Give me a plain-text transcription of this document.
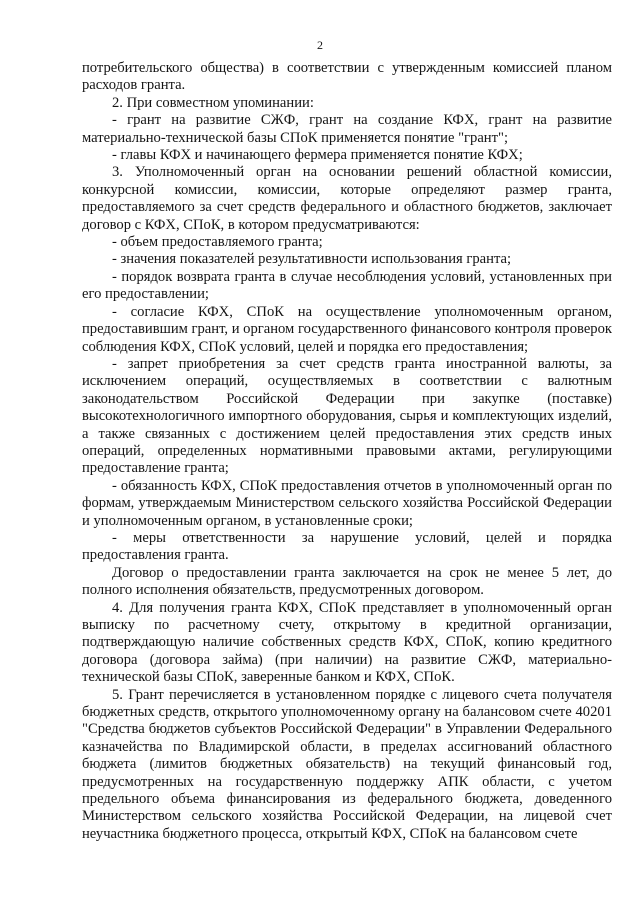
2

потребительского общества) в соответствии с утвержденным комиссией планом расходов гранта.

2. При совместном упоминании:

- грант на развитие СЖФ, грант на создание КФХ, грант на развитие материально-технической базы СПоК применяется понятие "грант";

- главы КФХ и начинающего фермера применяется понятие КФХ;

3. Уполномоченный орган на основании решений областной комиссии, конкурсной комиссии, комиссии, которые определяют размер гранта, предоставляемого за счет средств федерального и областного бюджетов, заключает договор с КФХ, СПоК, в котором предусматриваются:

- объем предоставляемого гранта;

- значения показателей результативности использования гранта;

- порядок возврата гранта в случае несоблюдения условий, установленных при его предоставлении;

- согласие КФХ, СПоК на осуществление уполномоченным органом, предоставившим грант, и органом государственного финансового контроля проверок соблюдения КФХ, СПоК условий, целей и порядка его предоставления;

- запрет приобретения за счет средств гранта иностранной валюты, за исключением операций, осуществляемых в соответствии с валютным законодательством Российской Федерации при закупке (поставке) высокотехнологичного импортного оборудования, сырья и комплектующих изделий, а также связанных с достижением целей предоставления этих средств иных операций, определенных нормативными правовыми актами, регулирующими предоставление гранта;

- обязанность КФХ, СПоК предоставления отчетов в уполномоченный орган по формам, утверждаемым Министерством сельского хозяйства Российской Федерации и уполномоченным органом, в установленные сроки;

- меры ответственности за нарушение условий, целей и порядка предоставления гранта.

Договор о предоставлении гранта заключается на срок не менее 5 лет, до полного исполнения обязательств, предусмотренных договором.

4. Для получения гранта КФХ, СПоК представляет в уполномоченный орган выписку по расчетному счету, открытому в кредитной организации, подтверждающую наличие собственных средств КФХ, СПоК, копию кредитного договора (договора займа) (при наличии) на развитие СЖФ, материально-технической базы СПоК, заверенные банком и КФХ, СПоК.

5. Грант перечисляется в установленном порядке с лицевого счета получателя бюджетных средств, открытого уполномоченному органу на балансовом счете 40201 "Средства бюджетов субъектов Российской Федерации" в Управлении Федерального казначейства по Владимирской области, в пределах ассигнований областного бюджета (лимитов бюджетных обязательств) на текущий финансовый год, предусмотренных на государственную поддержку АПК области, с учетом предельного объема финансирования из федерального бюджета, доведенного Министерством сельского хозяйства Российской Федерации, на лицевой счет неучастника бюджетного процесса, открытый КФХ, СПоК на балансовом счете
